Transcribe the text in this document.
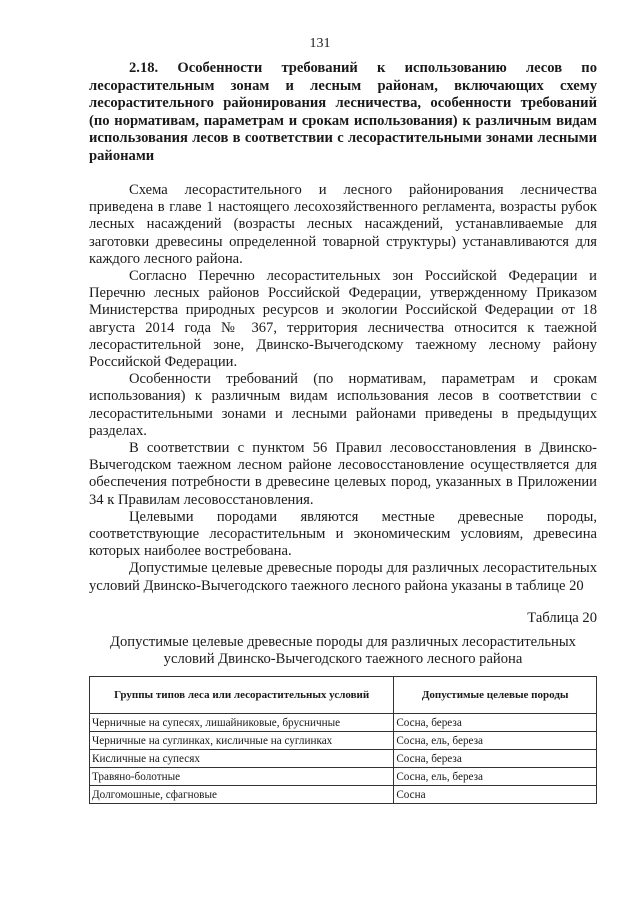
131
2.18. Особенности требований к использованию лесов по лесорастительным зонам и лесным районам, включающих схему лесорастительного районирования лесничества, особенности требований (по нормативам, параметрам и срокам использования) к различным видам использования лесов в соответствии с лесорастительными зонами лесными районами

Схема лесорастительного и лесного районирования лесничества приведена в главе 1 настоящего лесохозяйственного регламента, возрасты рубок лесных насаждений (возрасты лесных насаждений, устанавливаемые для заготовки древесины определенной товарной структуры) устанавливаются для каждого лесного района.

Согласно Перечню лесорастительных зон Российской Федерации и Перечню лесных районов Российской Федерации, утвержденному Приказом Министерства природных ресурсов и экологии Российской Федерации от 18 августа 2014 года № 367, территория лесничества относится к таежной лесорастительной зоне, Двинско-Вычегодскому таежному лесному району Российской Федерации.

Особенности требований (по нормативам, параметрам и срокам использования) к различным видам использования лесов в соответствии с лесорастительными зонами и лесными районами приведены в предыдущих разделах.

В соответствии с пунктом 56 Правил лесовосстановления в Двинско-Вычегодском таежном лесном районе лесовосстановление осуществляется для обеспечения потребности в древесине целевых пород, указанных в Приложении 34 к Правилам лесовосстановления.

Целевыми породами являются местные древесные породы, соответствующие лесорастительным и экономическим условиям, древесина которых наиболее востребована.

Допустимые целевые древесные породы для различных лесорастительных условий Двинско-Вычегодского таежного лесного района указаны в таблице 20

Таблица 20
Допустимые целевые древесные породы для различных лесорастительных условий Двинско-Вычегодского таежного лесного района
Группы типов леса или лесорастительных условий	Допустимые целевые породы
Черничные на супесях, лишайниковые, брусничные	Сосна, береза
Черничные на суглинках, кисличные на суглинках	Сосна, ель, береза
Кисличные на супесях	Сосна, береза
Травяно-болотные	Сосна, ель, береза
Долгомошные, сфагновые	Сосна
